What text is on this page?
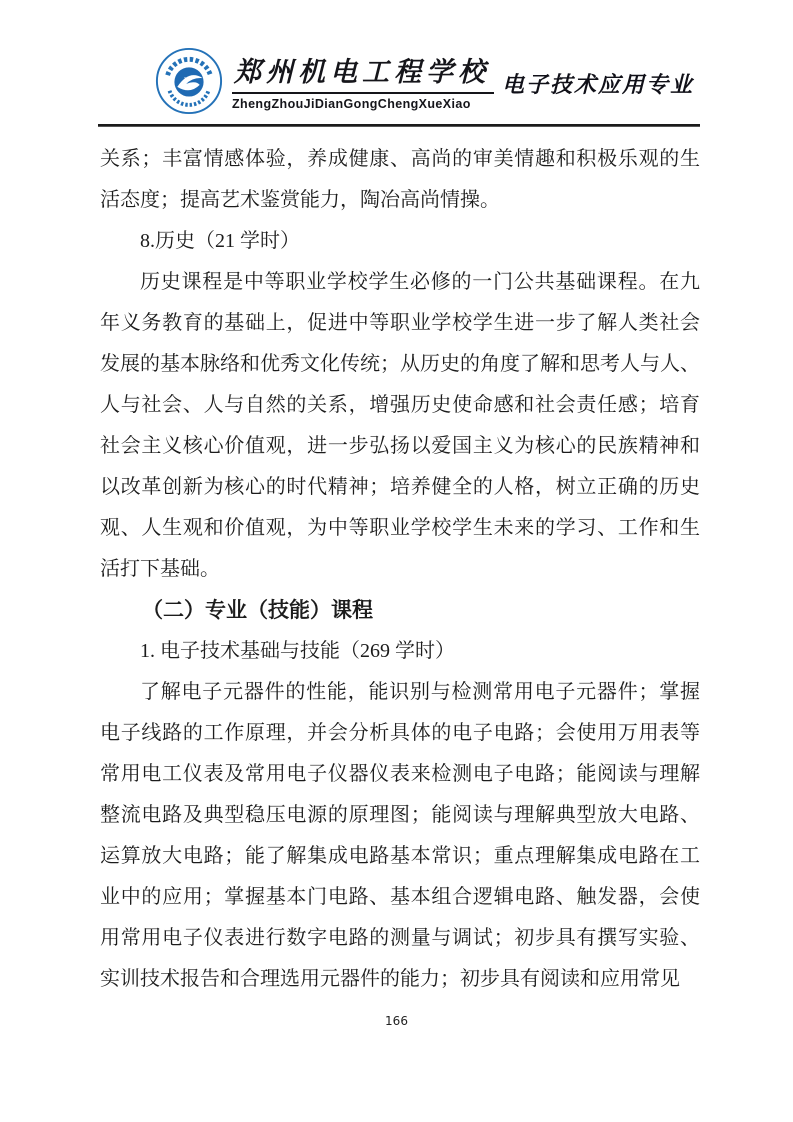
L 郑州机电工程学校
ZhengZhouJiDianGongChengXueXiao
电子技术应用专业
关系；丰富情感体验，养成健康、高尚的审美情趣和积极乐观的生
活态度；提高艺术鉴赏能力，陶冶高尚情操。
8.历史（21 学时）
历史课程是中等职业学校学生必修的一门公共基础课程。在九
年义务教育的基础上，促进中等职业学校学生进一步了解人类社会
发展的基本脉络和优秀文化传统；从历史的角度了解和思考人与人、
人与社会、人与自然的关系，增强历史使命感和社会责任感；培育
社会主义核心价值观，进一步弘扬以爱国主义为核心的民族精神和
以改革创新为核心的时代精神；培养健全的人格，树立正确的历史
观、人生观和价值观，为中等职业学校学生未来的学习、工作和生
活打下基础。
（二）专业（技能）课程
1. 电子技术基础与技能（269 学时）
了解电子元器件的性能，能识别与检测常用电子元器件；掌握
电子线路的工作原理，并会分析具体的电子电路；会使用万用表等
常用电工仪表及常用电子仪器仪表来检测电子电路；能阅读与理解
整流电路及典型稳压电源的原理图；能阅读与理解典型放大电路、
运算放大电路；能了解集成电路基本常识；重点理解集成电路在工
业中的应用；掌握基本门电路、基本组合逻辑电路、触发器，会使
用常用电子仪表进行数字电路的测量与调试；初步具有撰写实验、
实训技术报告和合理选用元器件的能力；初步具有阅读和应用常见
166
